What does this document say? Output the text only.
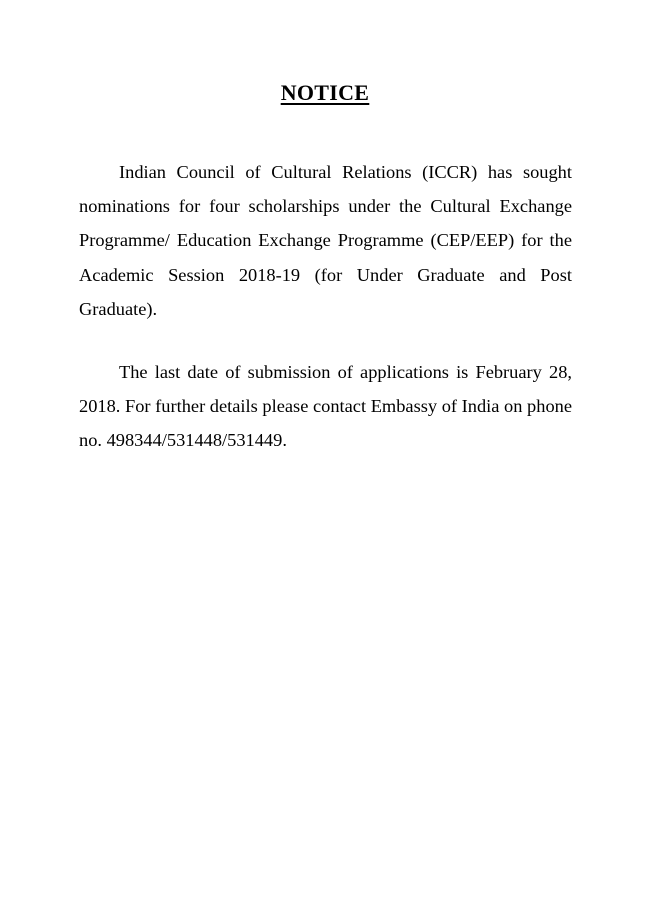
NOTICE

Indian Council of Cultural Relations (ICCR) has sought nominations for four scholarships under the Cultural Exchange Programme/ Education Exchange Programme (CEP/EEP) for the Academic Session 2018-19 (for Under Graduate and Post Graduate).

The last date of submission of applications is February 28, 2018. For further details please contact Embassy of India on phone no. 498344/531448/531449.
